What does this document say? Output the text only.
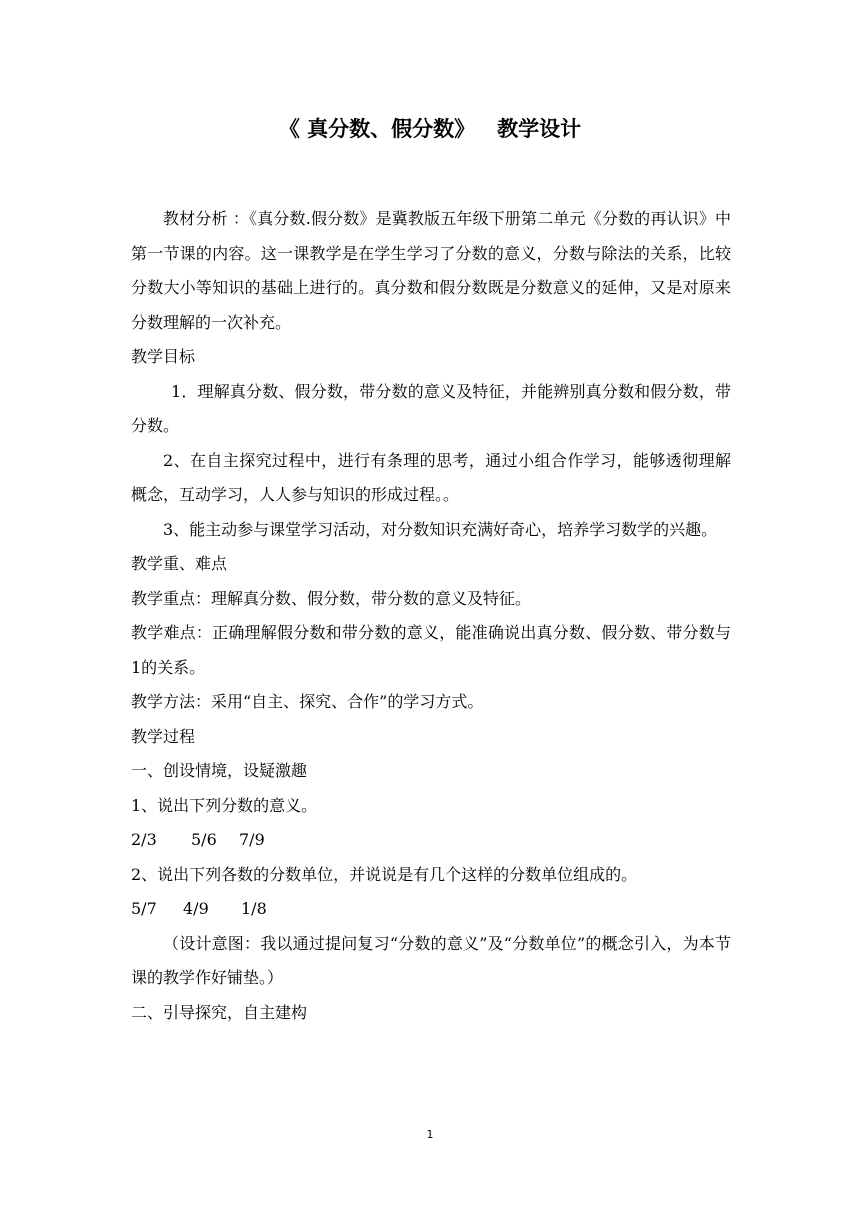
《 真分数、假分数》   教学设计

教材分析 ：《真分数.假分数》是冀教版五年级下册第二单元《分数的再认识》中第一节课的内容。这一课教学是在学生学习了分数的意义，分数与除法的关系，比较分数大小等知识的基础上进行的。真分数和假分数既是分数意义的延伸，又是对原来分数理解的一次补充。

教学目标

1．理解真分数、假分数，带分数的意义及特征，并能辨别真分数和假分数，带分数。

2、在自主探究过程中，进行有条理的思考，通过小组合作学习，能够透彻理解概念，互动学习，人人参与知识的形成过程。。

3、能主动参与课堂学习活动，对分数知识充满好奇心，培养学习数学的兴趣。

教学重、难点

教学重点：理解真分数、假分数，带分数的意义及特征。

教学难点：正确理解假分数和带分数的意义，能准确说出真分数、假分数、带分数与1的关系。

教学方法：采用“自主、探究、合作”的学习方式。

教学过程

一、创设情境，设疑激趣

1、说出下列分数的意义。

2/3 5/6 7/9

2、说出下列各数的分数单位，并说说是有几个这样的分数单位组成的。

5/7 4/9 1/8

（设计意图：我以通过提问复习“分数的意义”及“分数单位”的概念引入，为本节课的教学作好铺垫。）

二、引导探究，自主建构

1
